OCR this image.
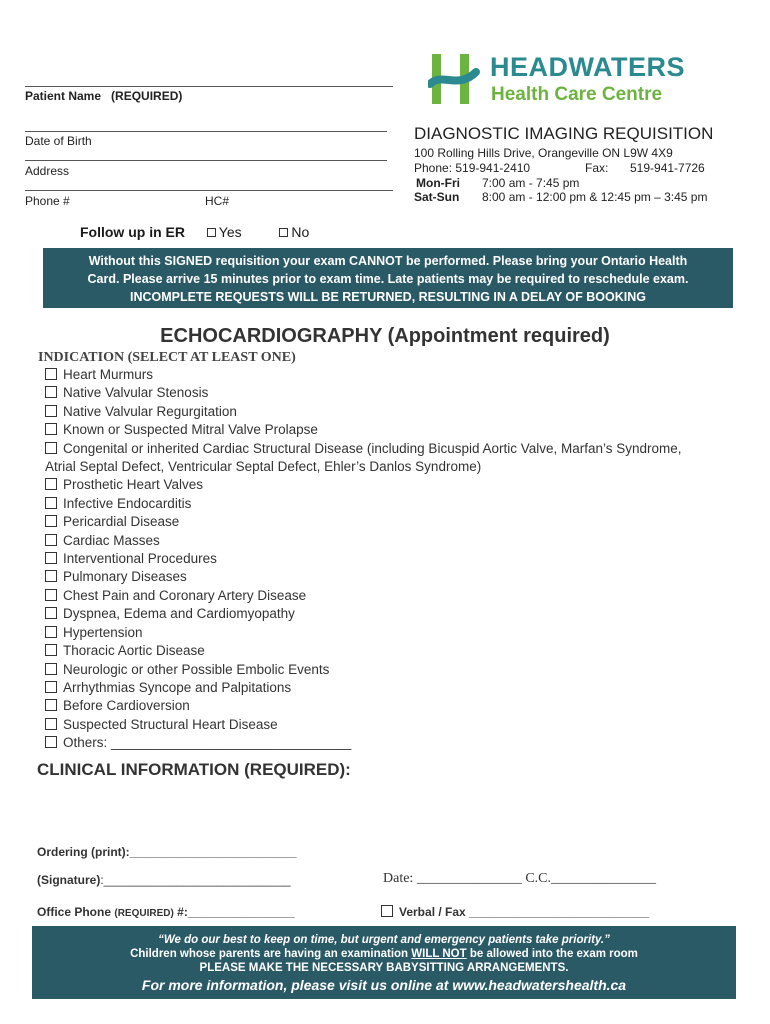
Patient Name (REQUIRED)
Date of Birth
Address
Phone #	HC#
Follow up in ER Yes	No
HEADWATERS
Health Care Centre
DIAGNOSTIC IMAGING REQUISITION
100 Rolling Hills Drive, Orangeville ON L9W 4X9
Phone: 519-941-2410	Fax: 519-941-7726
Mon-Fri 7:00 am - 7:45 pm
Sat-Sun 8:00 am - 12:00 pm & 12:45 pm – 3:45 pm
Without this SIGNED requisition your exam CANNOT be performed. Please bring your Ontario Health
Card. Please arrive 15 minutes prior to exam time. Late patients may be required to reschedule exam.
INCOMPLETE REQUESTS WILL BE RETURNED, RESULTING IN A DELAY OF BOOKING
ECHOCARDIOGRAPHY (Appointment required)
INDICATION (SELECT AT LEAST ONE)
Heart Murmurs
Native Valvular Stenosis
Native Valvular Regurgitation
Known or Suspected Mitral Valve Prolapse
Congenital or inherited Cardiac Structural Disease (including Bicuspid Aortic Valve, Marfan’s Syndrome,
Atrial Septal Defect, Ventricular Septal Defect, Ehler’s Danlos Syndrome)
Prosthetic Heart Valves
Infective Endocarditis
Pericardial Disease
Cardiac Masses
Interventional Procedures
Pulmonary Diseases
Chest Pain and Coronary Artery Disease
Dyspnea, Edema and Cardiomyopathy
Hypertension
Thoracic Aortic Disease
Neurologic or other Possible Embolic Events
Arrhythmias Syncope and Palpitations
Before Cardioversion
Suspected Structural Heart Disease
Others: ________________________________
CLINICAL INFORMATION (REQUIRED):
Ordering (print):_________________________
(Signature):____________________________	Date: _______________ C.C._______________
Office Phone (REQUIRED) #:________________	Verbal / Fax ___________________________
“We do our best to keep on time, but urgent and emergency patients take priority.”
Children whose parents are having an examination WILL NOT be allowed into the exam room
PLEASE MAKE THE NECESSARY BABYSITTING ARRANGEMENTS.
For more information, please visit us online at www.headwatershealth.ca
